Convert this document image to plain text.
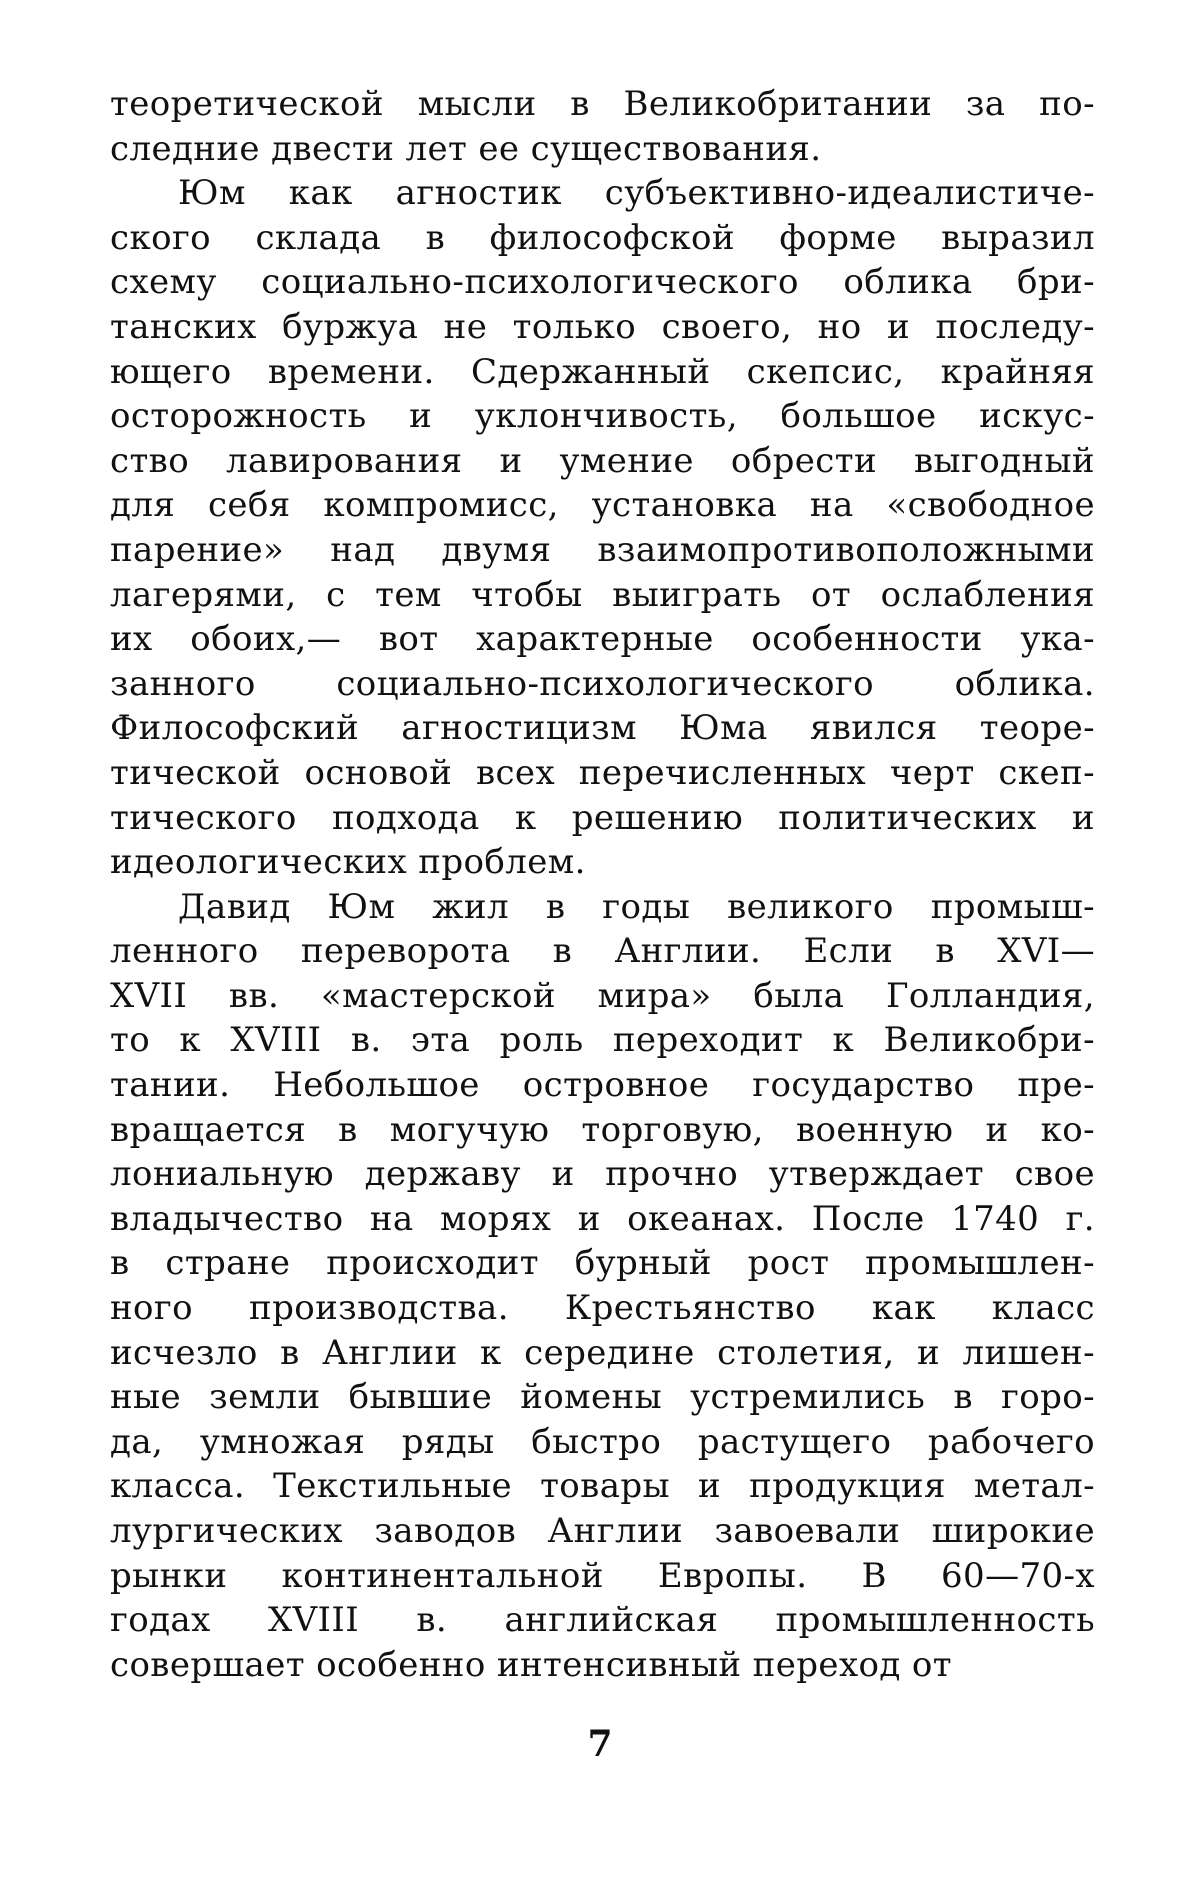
теоретической мысли в Великобритании за по-
следние двести лет ее существования.
Юм как агностик субъективно-идеалистиче-
ского склада в философской форме выразил
схему социально-психологического облика бри-
танских буржуа не только своего, но и последу-
ющего времени. Сдержанный скепсис, крайняя
осторожность и уклончивость, большое искус-
ство лавирования и умение обрести выгодный
для себя компромисс, установка на «свободное
парение» над двумя взаимопротивоположными
лагерями, с тем чтобы выиграть от ослабления
их обоих,— вот характерные особенности ука-
занного социально-психологического облика.
Философский агностицизм Юма явился теоре-
тической основой всех перечисленных черт скеп-
тического подхода к решению политических и
идеологических проблем.
Давид Юм жил в годы великого промыш-
ленного переворота в Англии. Если в XVI—
XVII вв. «мастерской мира» была Голландия,
то к XVIII в. эта роль переходит к Великобри-
тании. Небольшое островное государство пре-
вращается в могучую торговую, военную и ко-
лониальную державу и прочно утверждает свое
владычество на морях и океанах. После 1740 г.
в стране происходит бурный рост промышлен-
ного производства. Крестьянство как класс
исчезло в Англии к середине столетия, и лишен-
ные земли бывшие йомены устремились в горо-
да, умножая ряды быстро растущего рабочего
класса. Текстильные товары и продукция метал-
лургических заводов Англии завоевали широкие
рынки континентальной Европы. В 60—70-х
годах XVIII в. английская промышленность
совершает особенно интенсивный переход от
7
